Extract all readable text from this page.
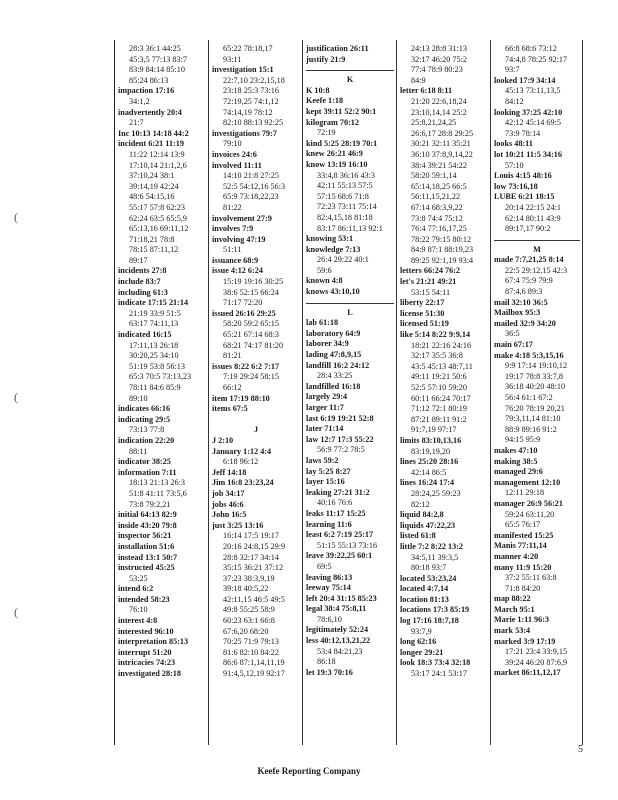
(
(
(
28:3 36:1 44:25
45:3,5 77:13 83:7
83:9 84:14 85:10
85:24 86:13
impaction 17:16
34:1,2
inadvertently 20:4
21:7
Inc 10:13 14:18 44:2
incident 6:21 11:19
11:22 12:14 13:9
17:10,14 21:1,2,6
37:10,24 38:1
39:14,19 42:24
48:6 54:15,16
55:17 57:8 62:23
62:24 63:5 65:5,9
65:13,16 69:11,12
71:18,21 78:8
78:15 87:11,12
89:17
incidents 27:8
include 83:7
including 61:3
indicate 17:15 21:14
21:19 33:9 51:5
63:17 74:11,13
indicated 16:15
17:11,13 26:18
30:20,25 34:10
51:19 53:8 56:13
65:3 70:5 73:13,23
78:11 84:6 85:9
89:10
indicates 66:16
indicating 29:5
73:13 77:8
indication 22:20
88:11
indicator 38:25
information 7:11
18:13 21:13 26:3
51:8 41:11 73:5,6
73:8 79:2,21
initial 64:13 82:9
inside 43:20 79:8
inspector 56:21
installation 51:6
instead 13:1 50:7
instructed 45:25
53:25
intend 6:2
intended 58:23
76:10
interest 4:8
interested 96:10
interpretation 85:13
interrupt 51:20
intricacies 74:23
investigated 28:18
65:22 78:18,17
93:11
investigation 15:1
22:7,10 23:2,15,18
23:18 25:3 73:16
72:19,25 74:1,12
74:14,19 78:12
82:10 88:13 92:25
investigations 79:7
79:10
invoices 24:6
involved 11:11
14:10 21:8 27:25
52:5 54:12,16 56:3
65:9 73:18,22,23
81:22
involvement 27:9
involves 7:9
involving 47:19
51:11
issuance 68:9
issue 4:12 6:24
15:19 19:16 30:25
38:6 52:15 66:24
71:17 72:20
issued 26:16 29:25
58:20 59:2 65:15
65:21 67:14 68:3
68:21 74:17 81:20
81:21
issues 8:22 6:2 7:17
7:19 29:24 58:15
66:12
item 17:19 88:10
items 67:5

J
J 2:10
January 1:12 4:4
6:18 96:12
Jeff 14:18
Jim 16:8 23:23,24
job 34:17
jobs 46:6
John 16:5
just 3:25 13:16
16:14 17:5 19:17
20:16 24:8,15 29:9
28:8 32:17 34:14
35:15 36:21 37:12
37:23 38:3,9,19
39:18 40:5,22
42:11,15 46:5 49:5
49:8 55:25 58:9
60:23 63:1 66:8
67:6,20 68:20
70:25 71:9 79:13
81:6 82:10 84:22
86:6 87:1,14,11,19
91:4,5,12,19 92:17
justification 26:11
justify 21:9

K
K 10:8
Keefe 1:18
kept 39:11 52:2 90:1
kilogram 70:12
72:19
kind 5:25 28:19 70:1
knew 26:21 46:9
know 13:19 16:10
33:4,8 36:16 43:3
42:11 55:13 57:5
57:15 68:6 71:8
72:23 73:11 75:14
82:4,15,18 81:18
83:17 86:11,13 92:1
knowing 53:1
knowledge 7:13
26:4 29:22 40:1
59:6
known 4:8
knows 43:10,10

L
lab 61:18
laboratory 64:9
laborer 34:9
lading 47:8,9,15
landfill 16:2 24:12
28:4 33:25
landfilled 16:18
largely 29:4
larger 11:7
last 6:19 19:21 52:8
later 71:14
law 12:7 17:3 55:22
56:9 77:2 78:5
laws 59:2
lay 5:25 8:27
layer 15:16
leaking 27:21 31:2
40:16 76:6
leaks 11:17 15:25
learning 11:6
least 6:2 7:19 25:17
51:15 55:13 73:16
leave 39:22,25 60:1
69:5
leaving 86:13
leeway 75:14
left 20:4 31:15 85:23
legal 38:4 75:8,11
78:6,10
legitimately 52:24
less 40:12,13,21,22
53:4 84:21,23
86:18
let 19:3 70:16
24:13 28:8 31:13
32:17 46:20 75:2
77:4 78:9 80:23
84:9
letter 6:18 8:11
21:20 22:6,18,24
23:10,14,14 25:2
25:8,21,24,25
26:6,17 28:8 29:25
30:21 32:11 35:21
36:10 37:8,9,14,22
38:4 39:21 54:22
58:20 59:1,14
65:14,18,25 66:5
56:11,15,21,22
67:14 68:3,9,22
73:8 74:4 75:12
76:4 77:16,17,25
78:22 79:15 80:12
84:9 87:1 88:19,23
89:25 92:1,19 93:4
letters 66:24 76:2
let's 21:21 49:21
53:15 54:11
liberty 22:17
license 51:30
licensed 51:19
like 5:14 8:22 9:9,14
18:21 22:16 24:16
32:17 35:5 36:8
43:5 45:13 48:7,11
49:11 19:21 50:6
52:5 57:10 59:20
60:11 66:24 70:17
71:12 72:1 80:19
87:21 89:11 91:2
91:7,19 97:17
limits 83:10,13,16
83:19,19,20
lines 25:20 28:16
42:14 86:5
lines 16:24 17:4
28:24,25 59:23
82:12
liquid 84:2,8
liquids 47:22,23
listed 61:8
little 7:2 8:22 13:2
34:5,11 39:3,5
80:18 93:7
located 53:23,24
located 4:7,14
location 81:13
locations 17:3 85:19
log 17:16 18:7,18
93:7,9
long 62:16
longer 29:21
look 18:3 73:4 32:18
53:17 24:1 53:17
66:8 68:6 73:12
74:4,8 78:25 92:17
93:7
looked 17:9 34:14
45:13 73:11,13,5
84:12
looking 37:25 42:10
42:12 45:14 69:5
73:9 78:14
looks 48:11
lot 10:21 11:5 34:16
57:10
Louis 4:15 48:16
low 73:16,18
LUBE 6:21 18:15
20:14 22:15 24:1
62:14 80:11 43:9
89:17,17 90:2

M
made 7:7,21,25 8:14
22:5 29:12,15 42:3
67:4 75:9 79:9
87:4,6 89:3
mail 32:10 36:5
Mailbox 95:3
mailed 32:9 34:20
36:5
main 67:17
make 4:18 5:3,15,16
9:9 17:14 19:10,12
19:17 78:8 33:7,8
36:18 40:20 48:10
56:4 61:1 67:2
76:20 78:19 20,21
79:3,11,14 81:10
88:9 89:16 91:2
94:15 95:9
makes 47:10
making 38:5
managed 29:6
management 12:10
12:11 29:18
manager 26:9 56:21
59:24 63:11,20
65:5 76:17
manifested 15:25
Manis 77:11,14
manner 4:20
many 11:9 15:20
37:2 55:11 63:8
71:8 84:20
map 88:22
March 95:1
Marie 1:11 96:3
mark 53:4
marked 3:9 17:19
17:21 23:4 33:9,15
39:24 46:20 87:6,9
market 86:11,12,17
5
Keefe Reporting Company
